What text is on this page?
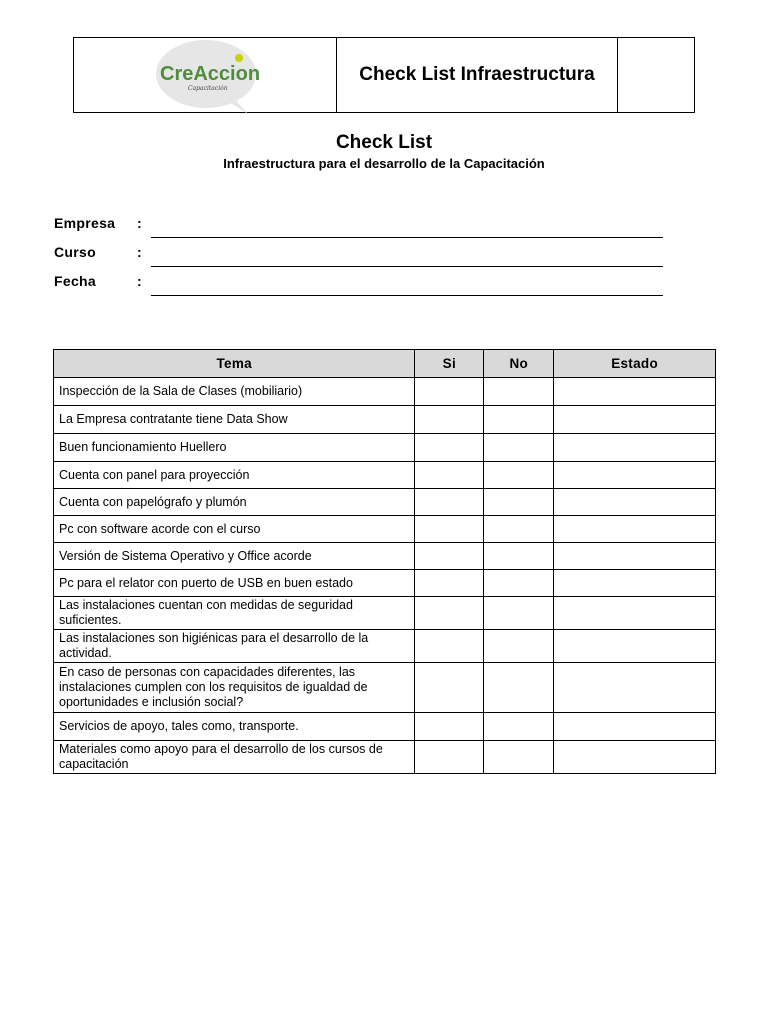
CreAccion
Capacitación
Check List Infraestructura
Check List
Infraestructura para el desarrollo de la Capacitación
Empresa :
Curso	:
Fecha	:
Tema	Si	No	Estado
Inspección de la Sala de Clases (mobiliario)			
La Empresa contratante tiene Data Show			
Buen funcionamiento Huellero			
Cuenta con panel para proyección			
Cuenta con papelógrafo y plumón			
Pc con software acorde con el curso			
Versión de Sistema Operativo y Office acorde			
Pc para el relator con puerto de USB en buen estado			
Las instalaciones cuentan con medidas de seguridad suficientes.			
Las instalaciones son higiénicas para el desarrollo de la actividad.			
En caso de personas con capacidades diferentes, las instalaciones cumplen con los requisitos de igualdad de oportunidades e inclusión social?			
Servicios de apoyo, tales como, transporte.			
Materiales como apoyo para el desarrollo de los cursos de capacitación			
